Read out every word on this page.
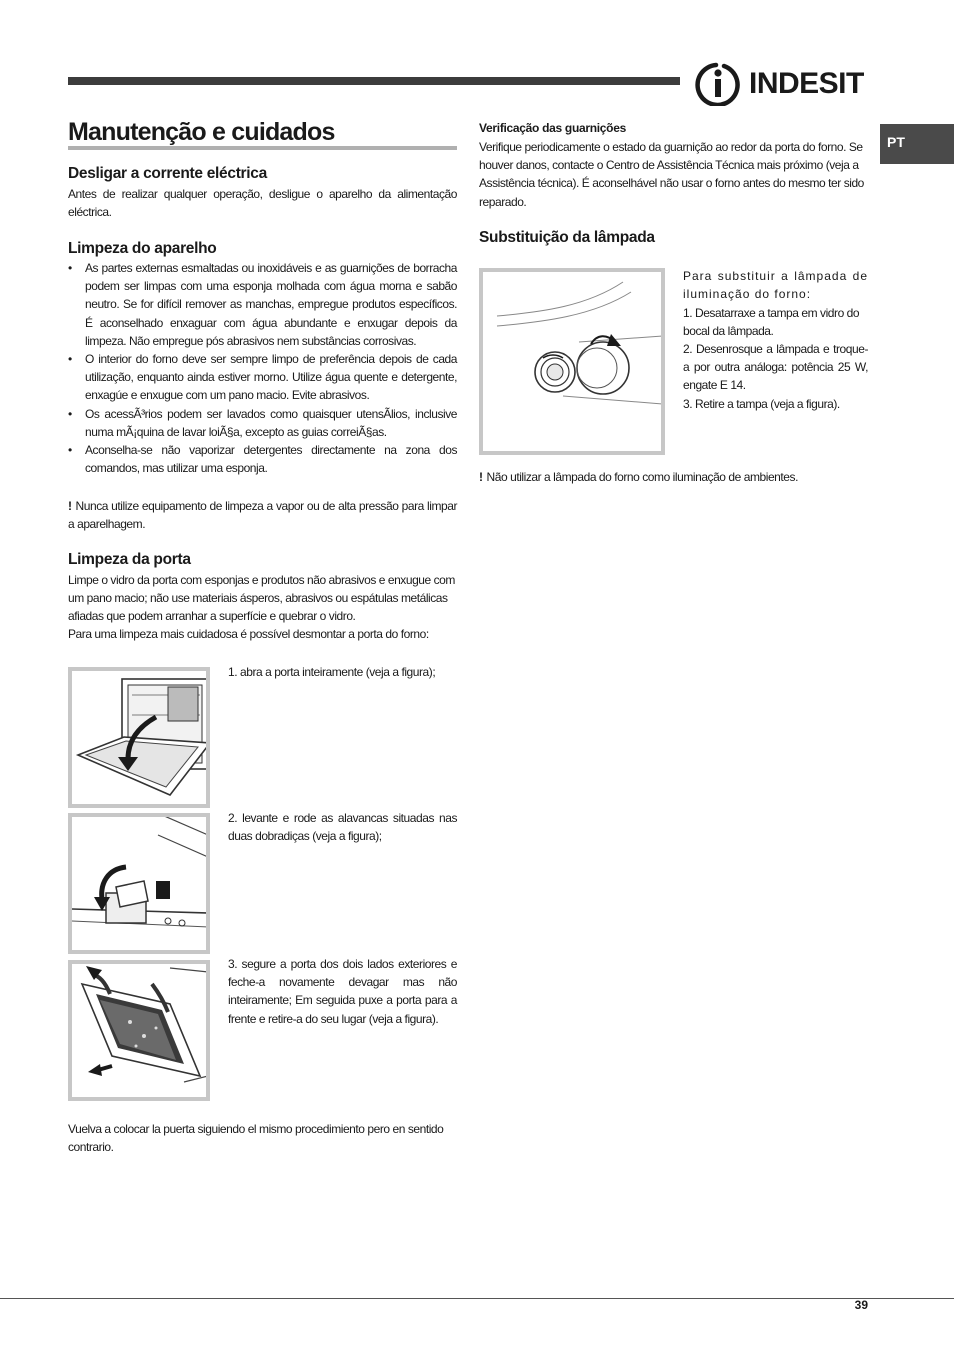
INDESIT
PT
Manutenção e cuidados
Desligar a corrente eléctrica

Antes de realizar qualquer operação, desligue o aparelho da alimentação eléctrica.

Limpeza do aparelho
• As partes externas esmaltadas ou inoxidáveis e as guarnições de borracha podem ser limpas com uma esponja molhada com água morna e sabão neutro. Se for difícil remover as manchas, empregue produtos específicos. É aconselhado enxaguar com água abundante e enxugar depois da limpeza. Não empregue pós abrasivos nem substâncias corrosivas.
• O interior do forno deve ser sempre limpo de preferência depois de cada utilização, enquanto ainda estiver morno. Utilize água quente e detergente, enxagúe e enxugue com um pano macio. Evite abrasivos.
• Os acessÃ³rios podem ser lavados como quaisquer utensÃlios, inclusive numa mÃ¡quina de lavar loiÃ§a, excepto as guias correiÃ§as.
• Aconselha-se não vaporizar detergentes directamente na zona dos comandos, mas utilizar uma esponja.

! Nunca utilize equipamento de limpeza a vapor ou de alta pressão para limpar a aparelhagem.

Limpeza da porta

Limpe o vidro da porta com esponjas e produtos não abrasivos e enxugue com um pano macio; não use materiais ásperos, abrasivos ou espátulas metálicas afiadas que podem arranhar a superfície e quebrar o vidro.

Para uma limpeza mais cuidadosa é possível desmontar a porta do forno:

1. abra a porta inteiramente (veja a figura);

2. levante e rode as alavancas situadas nas duas dobradiças (veja a figura);

3. segure a porta dos dois lados exteriores e feche-a novamente devagar mas não inteiramente; Em seguida puxe a porta para a frente e retire-a do seu lugar (veja a figura).

Vuelva a colocar la puerta siguiendo el mismo procedimiento pero en sentido contrario.

Verificação das guarnições

Verifique periodicamente o estado da guarnição ao redor da porta do forno. Se houver danos, contacte o Centro de Assistência Técnica mais próximo (veja a Assistência técnica). É aconselhável não usar o forno antes do mesmo ter sido reparado.

Substituição da lâmpada

Para substituir a lâmpada de iluminação do forno:

1. Desatarraxe a tampa em vidro do bocal da lâmpada.

2. Desenrosque a lâmpada e troque-a por outra análoga: potência 25 W, engate E 14.

3. Retire a tampa (veja a figura).

! Não utilizar a lâmpada do forno como iluminação de ambientes.

39
